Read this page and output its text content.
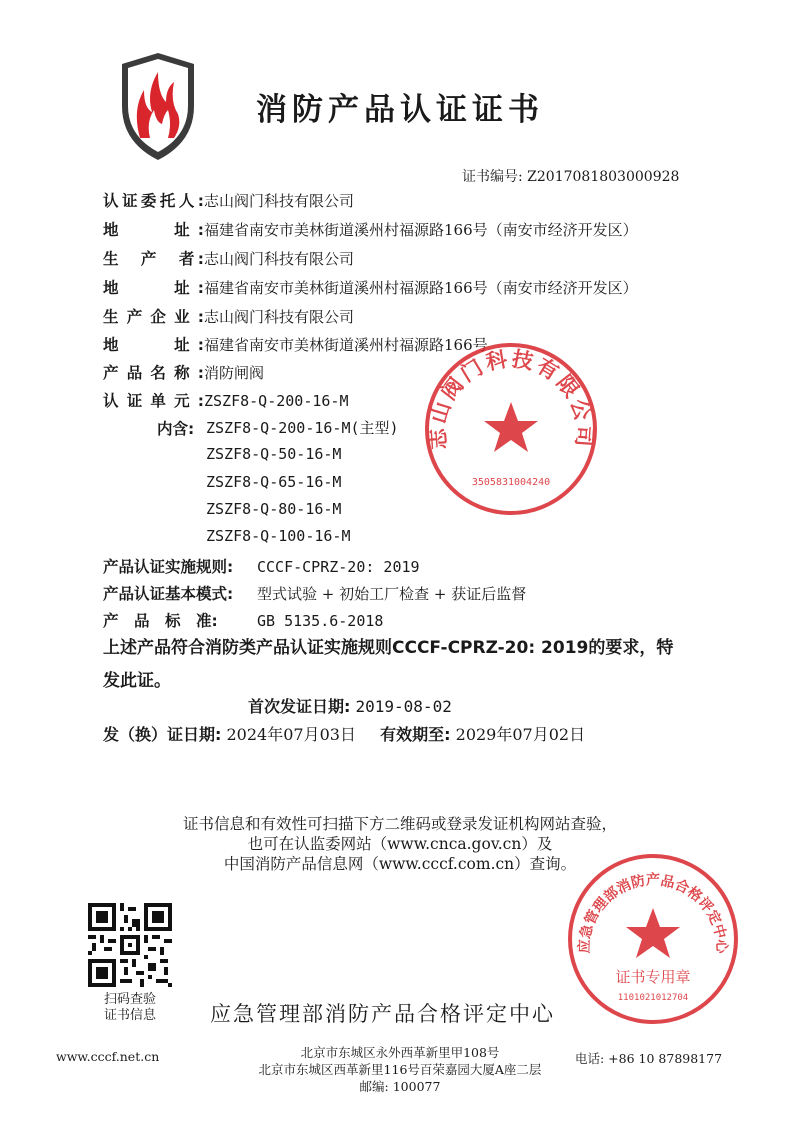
消防产品认证证书
证书编号: Z2017081803000928
认证委托人:志山阀门科技有限公司
地　　址:福建省南安市美林街道溪州村福源路166号（南安市经济开发区）
生　产　者:志山阀门科技有限公司
地　　址:福建省南安市美林街道溪州村福源路166号（南安市经济开发区）
生产企业:志山阀门科技有限公司
地　　址:福建省南安市美林街道溪州村福源路166号
产品名称:消防闸阀
认证单元:ZSZF8-Q-200-16-M
内含: ZSZF8-Q-200-16-M(主型)
ZSZF8-Q-50-16-M
ZSZF8-Q-65-16-M
ZSZF8-Q-80-16-M
ZSZF8-Q-100-16-M
产品认证实施规则: CCCF-CPRZ-20: 2019
产品认证基本模式: 型式试验 + 初始工厂检查 + 获证后监督
产　品　标　准:	GB 5135.6-2018
上述产品符合消防类产品认证实施规则CCCF-CPRZ-20: 2019的要求，特发此证。
首次发证日期: 2019-08-02
发（换）证日期: 2024年07月03日 有效期至: 2029年07月02日
证书信息和有效性可扫描下方二维码或登录发证机构网站查验，
也可在认监委网站（www.cnca.gov.cn）及
中国消防产品信息网（www.cccf.com.cn）查询。
扫码查验
证书信息	应急管理部消防产品合格评定中心
www.cccf.net.cn	北京市东城区永外西革新里甲108号
北京市东城区西革新里116号百荣嘉园大厦A座二层
邮编: 100077
电话: +86 10 87898177
志山阀门科技有限公司
3505831004240
应急管理部消防产品合格评定中心
证书专用章
1101021012704
